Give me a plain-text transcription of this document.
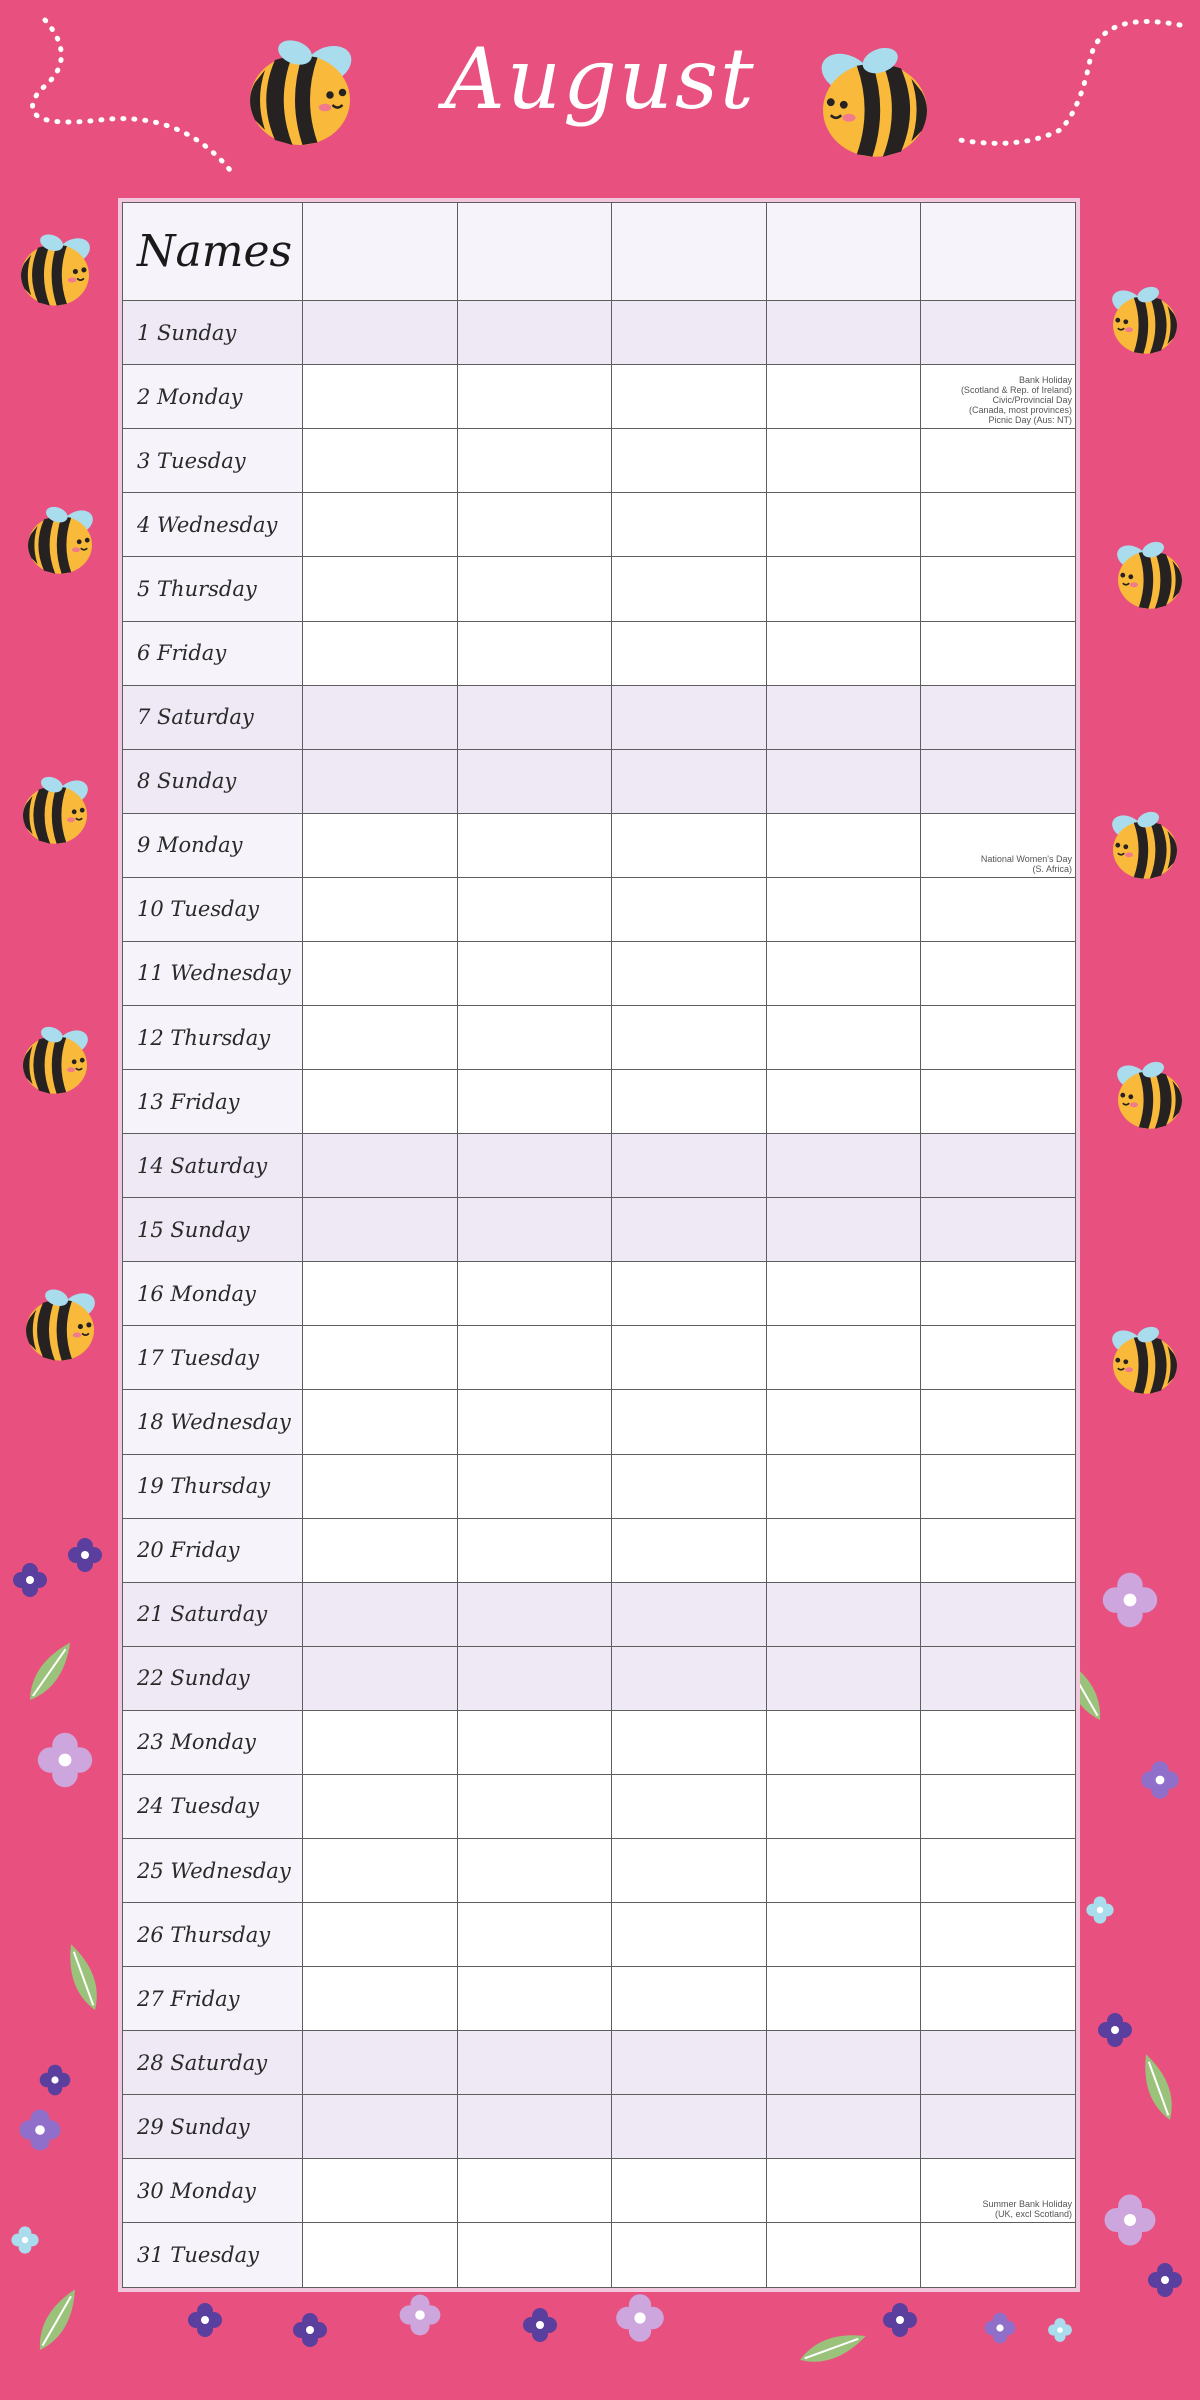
August
Names					
1 Sunday					
2 Monday					Bank Holiday
(Scotland & Rep. of Ireland)
Civic/Provincial Day
(Canada, most provinces)
Picnic Day (Aus: NT)

3 Tuesday					
4 Wednesday					
5 Thursday					
6 Friday					
7 Saturday					
8 Sunday					
9 Monday					National Women's Day
(S. Africa)

10 Tuesday					
11 Wednesday					
12 Thursday					
13 Friday					
14 Saturday					
15 Sunday					
16 Monday					
17 Tuesday					
18 Wednesday					
19 Thursday					
20 Friday					
21 Saturday					
22 Sunday					
23 Monday					
24 Tuesday					
25 Wednesday					
26 Thursday					
27 Friday					
28 Saturday					
29 Sunday					
30 Monday					Summer Bank Holiday
(UK, excl Scotland)

31 Tuesday					
